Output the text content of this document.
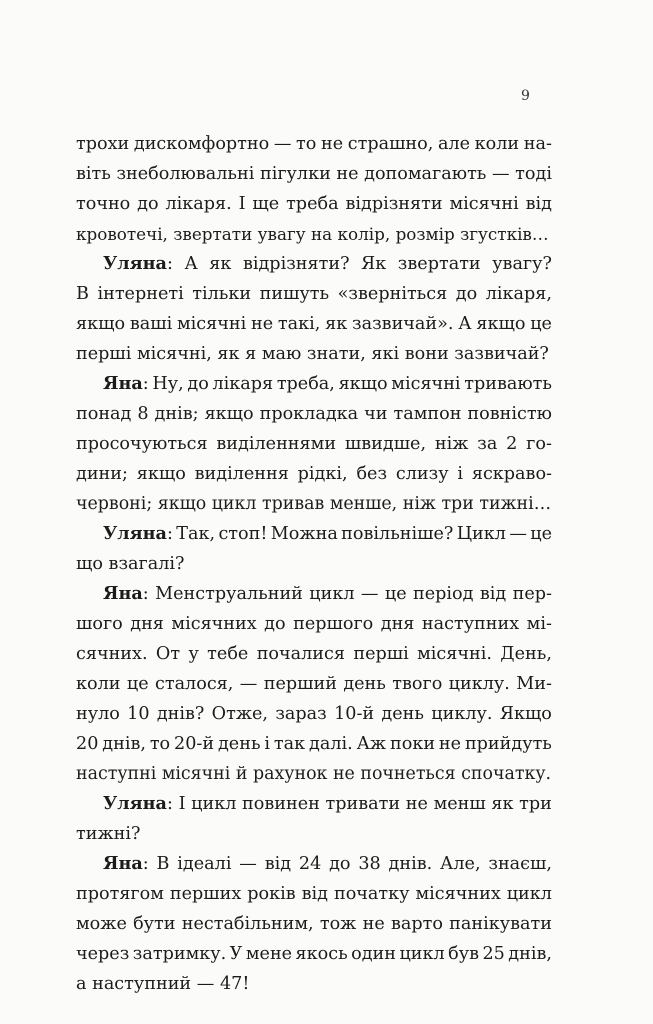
9
трохи дискомфортно — то не страшно, але коли на-
віть знеболювальні пігулки не допомагають — тоді
точно до лікаря. І ще треба відрізняти місячні від
кровотечі,
звертати
увагу
на
колір,
розмір
згустків…
Уляна: А як відрізняти? Як звертати увагу?
В інтернеті тільки пишуть «зверніться до лікаря,
якщо ваші місячні не такі, як зазвичай». А якщо це
перші
місячні,
як
я
маю
знати,
які
вони
зазвичай?
Яна: Ну, до лікаря треба, якщо місячні тривають
понад 8 днів; якщо прокладка чи тампон повністю
просочуються виділеннями швидше, ніж за 2 го-
дини; якщо виділення рідкі, без слизу і яскраво-
червоні;
якщо
цикл
тривав
менше,
ніж
три
тижні…
Уляна: Так, стоп! Можна повільніше? Цикл — це
що
взагалі?
Яна: Менструальний цикл — це період від пер-
шого дня місячних до першого дня наступних мі-
сячних. От у тебе почалися перші місячні. День,
коли це сталося, — перший день твого циклу. Ми-
нуло 10 днів? Отже, зараз 10-й день циклу. Якщо
20 днів, то 20-й день і так далі. Аж поки не прийдуть
наступні
місячні
й
рахунок
не
почнеться
спочатку.
Уляна: І цикл повинен тривати не менш як три
тижні?
Яна: В ідеалі — від 24 до 38 днів. Але, знаєш,
протягом перших років від початку місячних цикл
може бути нестабільним, тож не варто панікувати
через затримку. У мене якось один цикл був 25 днів,
а
наступний
—
47!
